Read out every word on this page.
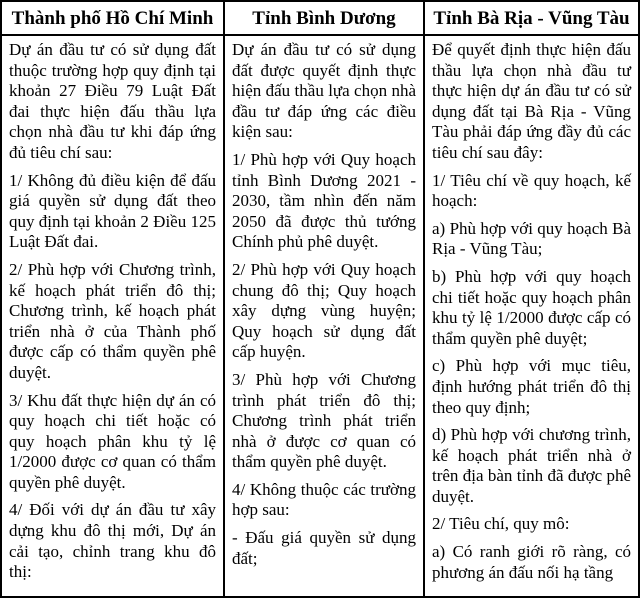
Thành phố Hồ Chí Minh	Tỉnh Bình Dương	Tỉnh Bà Rịa - Vũng Tàu

Dự án đầu tư có sử dụng đất thuộc trường hợp quy định tại khoản 27 Điều 79 Luật Đất đai thực hiện đấu thầu lựa chọn nhà đầu tư khi đáp ứng đủ tiêu chí sau:

1/ Không đủ điều kiện để đấu giá quyền sử dụng đất theo quy định tại khoản 2 Điều 125 Luật Đất đai.

2/ Phù hợp với Chương trình, kế hoạch phát triển đô thị; Chương trình, kế hoạch phát triển nhà ở của Thành phố được cấp có thẩm quyền phê duyệt.

3/ Khu đất thực hiện dự án có quy hoạch chi tiết hoặc có quy hoạch phân khu tỷ lệ 1/2000 được cơ quan có thẩm quyền phê duyệt.

4/ Đối với dự án đầu tư xây dựng khu đô thị mới, Dự án cải tạo, chỉnh trang khu đô thị:

Dự án đầu tư có sử dụng đất được quyết định thực hiện đấu thầu lựa chọn nhà đầu tư đáp ứng các điều kiện sau:

1/ Phù hợp với Quy hoạch tỉnh Bình Dương 2021 - 2030, tầm nhìn đến năm 2050 đã được thủ tướng Chính phủ phê duyệt.

2/ Phù hợp với Quy hoạch chung đô thị; Quy hoạch xây dựng vùng huyện; Quy hoạch sử dụng đất cấp huyện.

3/ Phù hợp với Chương trình phát triển đô thị; Chương trình phát triển nhà ở được cơ quan có thẩm quyền phê duyệt.

4/ Không thuộc các trường hợp sau:

- Đấu giá quyền sử dụng đất;

Để quyết định thực hiện đấu thầu lựa chọn nhà đầu tư thực hiện dự án đầu tư có sử dụng đất tại Bà Rịa - Vũng Tàu phải đáp ứng đầy đủ các tiêu chí sau đây:

1/ Tiêu chí về quy hoạch, kế hoạch:

a) Phù hợp với quy hoạch Bà Rịa - Vũng Tàu;

b) Phù hợp với quy hoạch chi tiết hoặc quy hoạch phân khu tỷ lệ 1/2000 được cấp có thẩm quyền phê duyệt;

c) Phù hợp với mục tiêu, định hướng phát triển đô thị theo quy định;

d) Phù hợp với chương trình, kế hoạch phát triển nhà ở trên địa bàn tỉnh đã được phê duyệt.

2/ Tiêu chí, quy mô:

a) Có ranh giới rõ ràng, có phương án đấu nối hạ tầng
